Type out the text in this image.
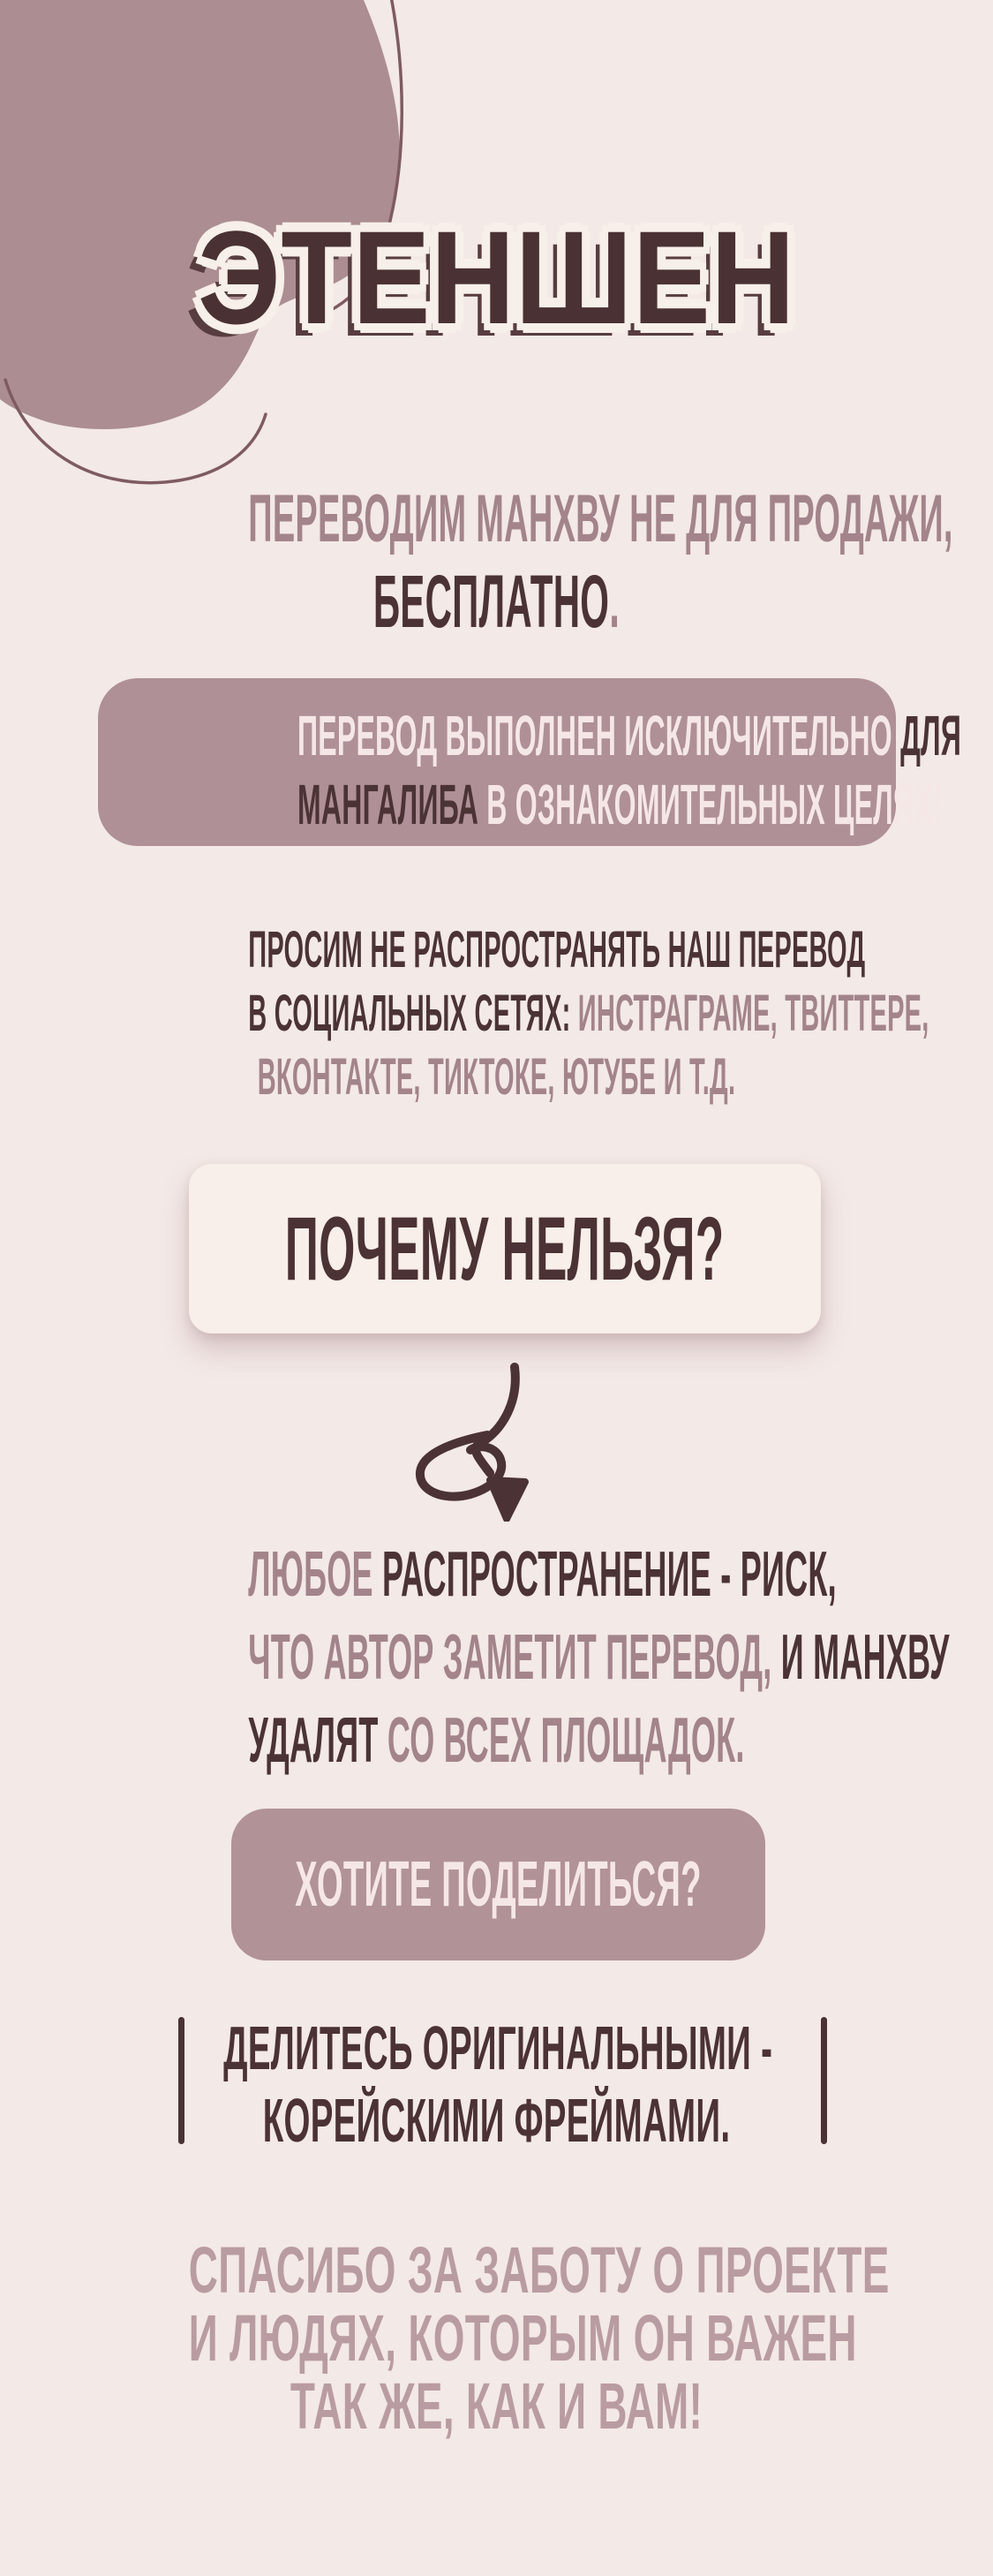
ЭТЕНШЕН
ПЕРЕВОДИМ МАНХВУ НЕ ДЛЯ ПРОДАЖИ,
БЕСПЛАТНО.
ПЕРЕВОД ВЫПОЛНЕН ИСКЛЮЧИТЕЛЬНО ДЛЯ
МАНГАЛИБА В ОЗНАКОМИТЕЛЬНЫХ ЦЕЛЯХ!
ПРОСИМ НЕ РАСПРОСТРАНЯТЬ НАШ ПЕРЕВОД
В СОЦИАЛЬНЫХ СЕТЯХ: ИНСТРАГРАМЕ, ТВИТТЕРЕ,
ВКОНТАКТЕ, ТИКТОКЕ, ЮТУБЕ И Т.Д.
ПОЧЕМУ НЕЛЬЗЯ?
ЛЮБОЕ РАСПРОСТРАНЕНИЕ - РИСК,
ЧТО АВТОР ЗАМЕТИТ ПЕРЕВОД, И МАНХВУ
УДАЛЯТ СО ВСЕХ ПЛОЩАДОК.
ХОТИТЕ ПОДЕЛИТЬСЯ?
ДЕЛИТЕСЬ ОРИГИНАЛЬНЫМИ -
КОРЕЙСКИМИ ФРЕЙМАМИ.
СПАСИБО ЗА ЗАБОТУ О ПРОЕКТЕ
И ЛЮДЯХ, КОТОРЫМ ОН ВАЖЕН
ТАК ЖЕ, КАК И ВАМ!
